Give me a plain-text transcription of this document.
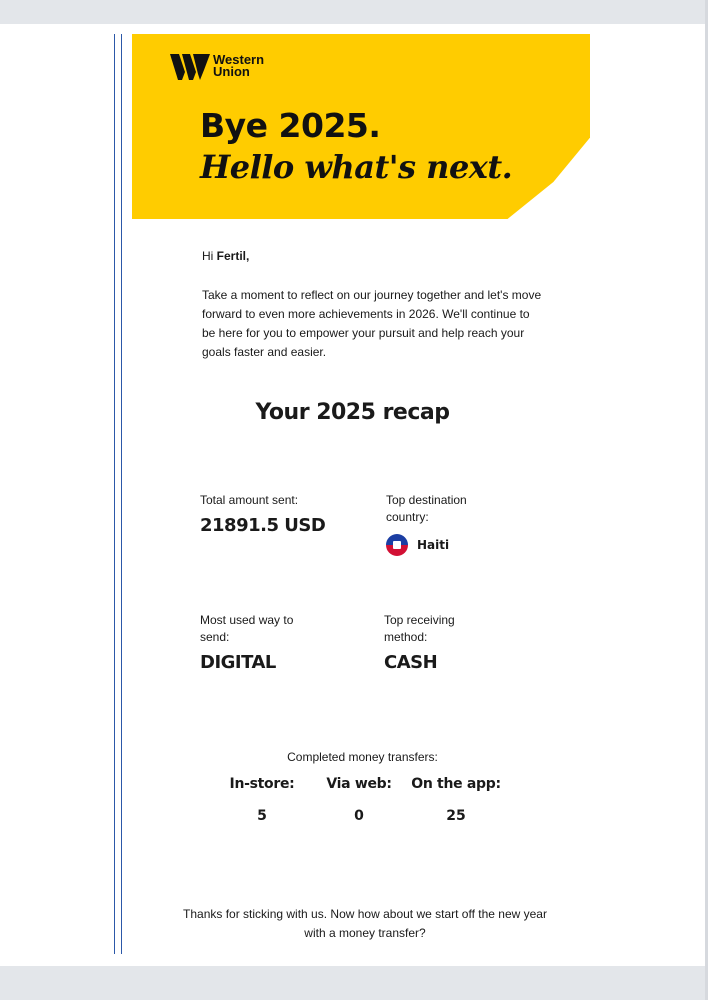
Western
Union
Bye 2025.
Hello what's next.
Hi Fertil,
Take a moment to reflect on our journey together and let's move forward to even more achievements in 2026. We'll continue to be here for you to empower your pursuit and help reach your goals faster and easier.
Your 2025 recap
Total amount sent:
21891.5 USD
Top destination country:
Haiti
Most used way to send:
DIGITAL
Top receiving method:
CASH
Completed money transfers:
In-store:
5
Via web:
0
On the app:
25
Thanks for sticking with us. Now how about we start off the new year with a money transfer?
